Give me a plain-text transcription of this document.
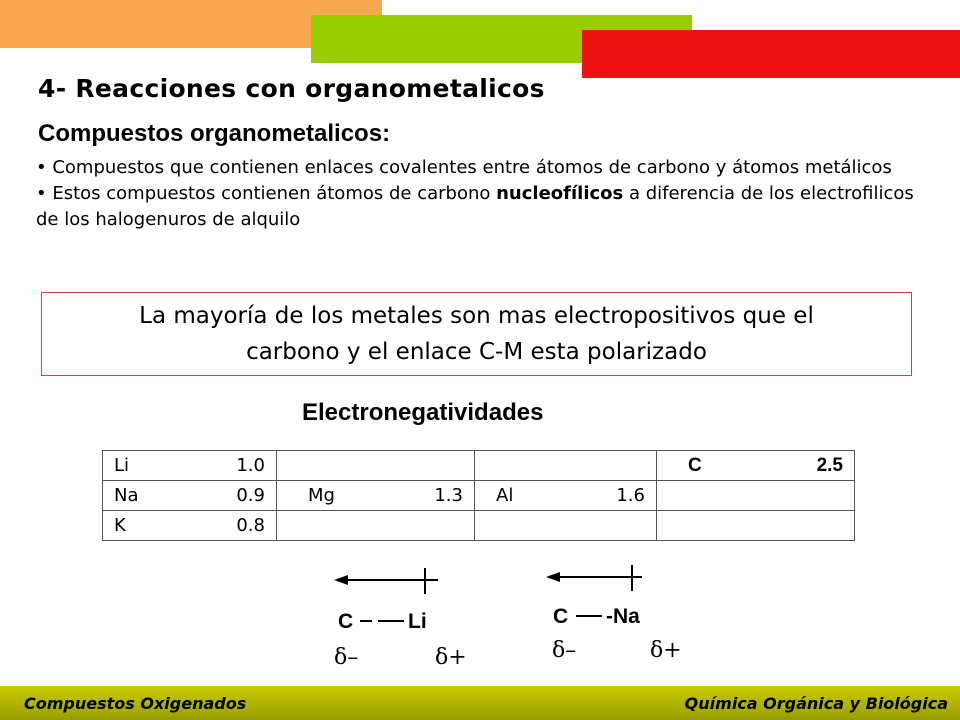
4- Reacciones con organometalicos
Compuestos organometalicos:

• Compuestos que contienen enlaces covalentes entre átomos de carbono y átomos metálicos

• Estos compuestos contienen átomos de carbono nucleofílicos a diferencia de los electrofilicos de los halogenuros de alquilo

La mayoría de los metales son mas electropositivos que el
carbono y el enlace C-M esta polarizado
Electronegatividades
Li 1.0			C 2.5

Na 0.9	Mg 1.3	Al 1.6	

K 0.8			

C	Li
δ–	δ+
C -Na
δ–	δ+
Compuestos Oxigenados	Química Orgánica y Biológica
